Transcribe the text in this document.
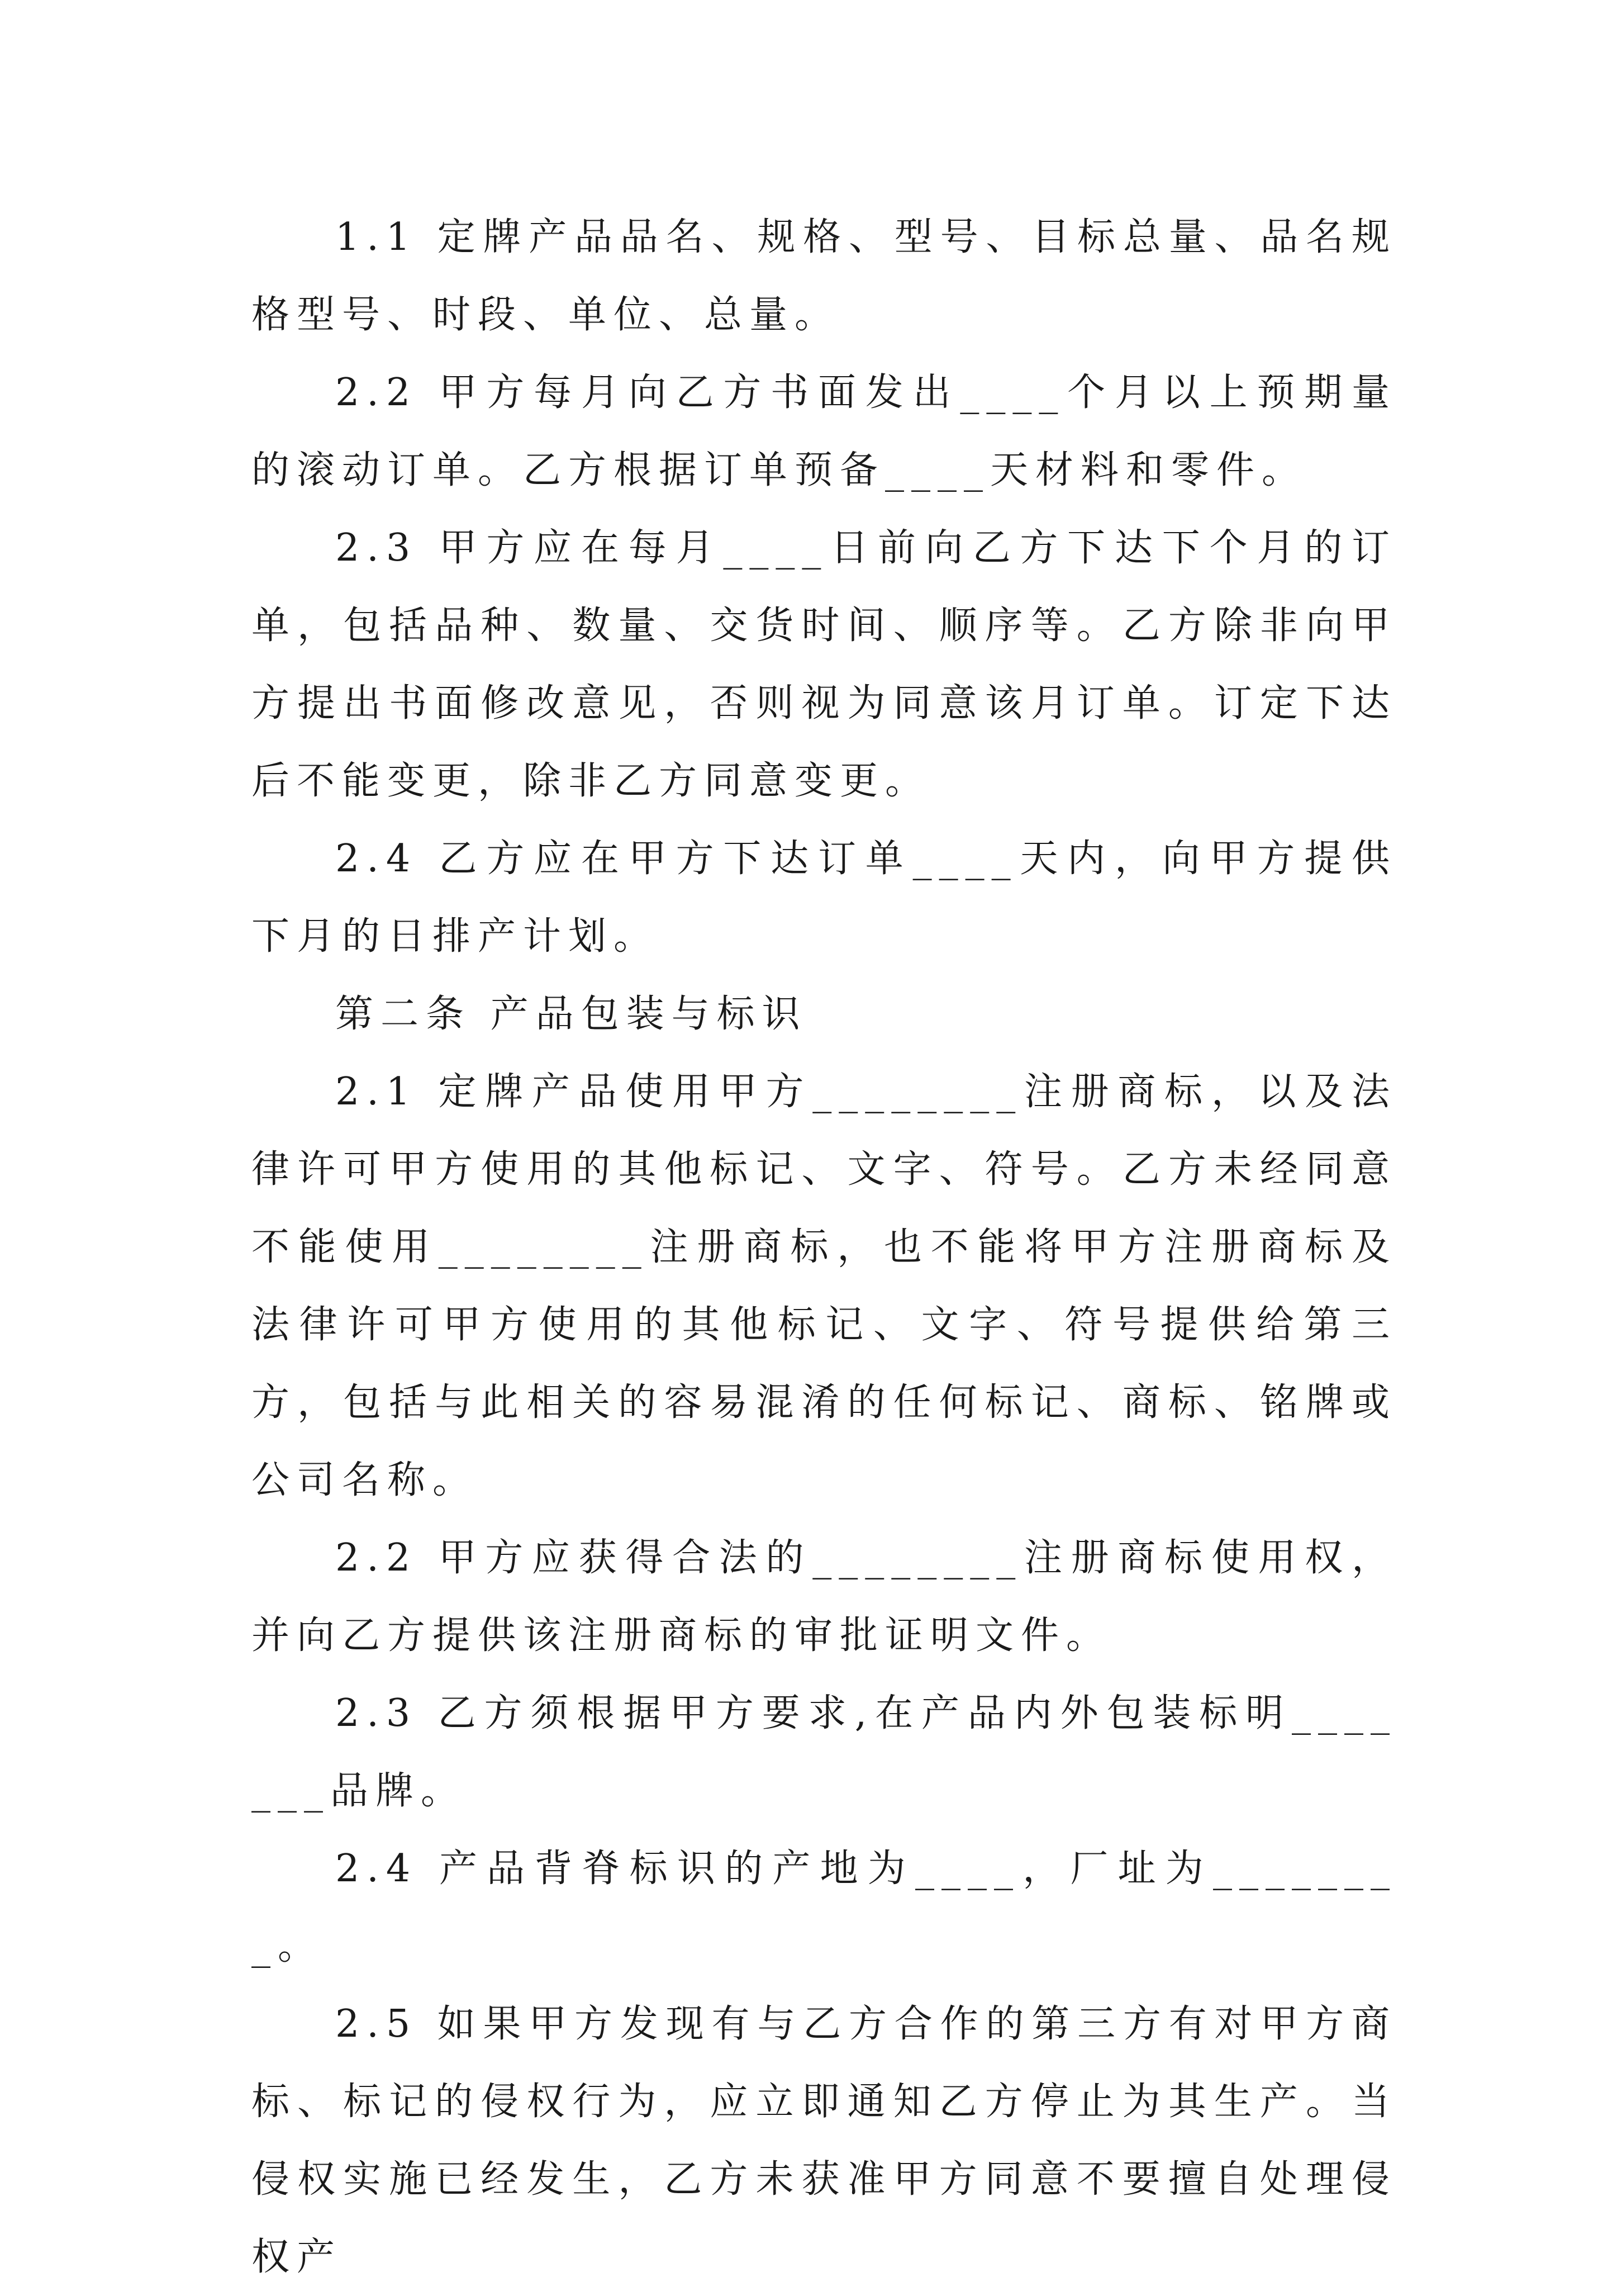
1.1 定牌产品品名、规格、型号、目标总量、品名规格型号、时段、单位、总量。

2.2 甲方每月向乙方书面发出____个月以上预期量的滚动订单。乙方根据订单预备____天材料和零件。

2.3 甲方应在每月____日前向乙方下达下个月的订单，包括品种、数量、交货时间、顺序等。乙方除非向甲方提出书面修改意见，否则视为同意该月订单。订定下达后不能变更，除非乙方同意变更。

2.4 乙方应在甲方下达订单____天内，向甲方提供下月的日排产计划。

第二条 产品包装与标识

2.1 定牌产品使用甲方________注册商标，以及法律许可甲方使用的其他标记、文字、符号。乙方未经同意不能使用________注册商标，也不能将甲方注册商标及法律许可甲方使用的其他标记、文字、符号提供给第三方，包括与此相关的容易混淆的任何标记、商标、铭牌或公司名称。

2.2 甲方应获得合法的________注册商标使用权，并向乙方提供该注册商标的审批证明文件。

2.3 乙方须根据甲方要求,在产品内外包装标明_______品牌。

2.4 产品背脊标识的产地为____，厂址为________。

2.5 如果甲方发现有与乙方合作的第三方有对甲方商标、标记的侵权行为，应立即通知乙方停止为其生产。当侵权实施已经发生，乙方未获准甲方同意不要擅自处理侵权产
